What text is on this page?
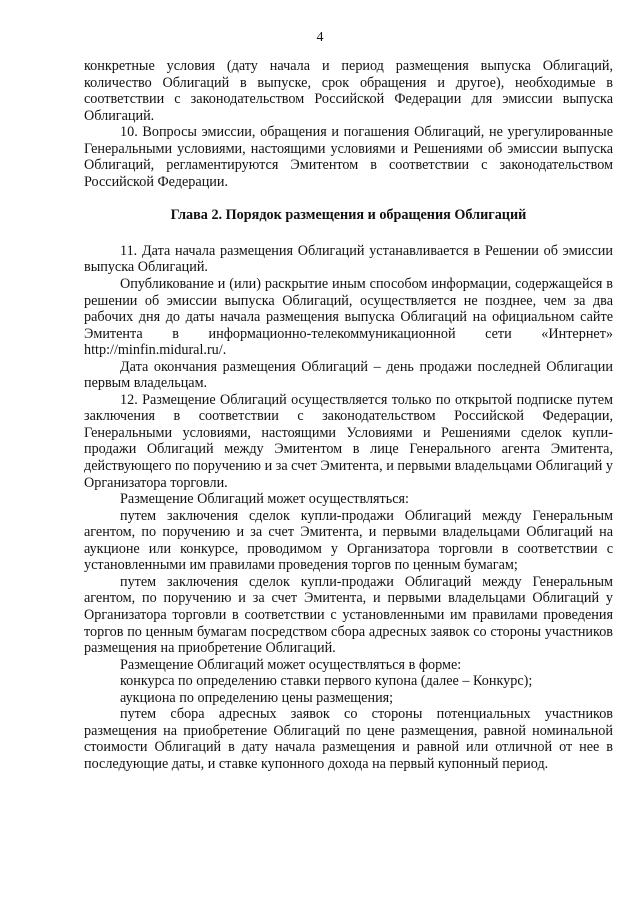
4

конкретные условия (дату начала и период размещения выпуска Облигаций, количество Облигаций в выпуске, срок обращения и другое), необходимые в соответствии с законодательством Российской Федерации для эмиссии выпуска Облигаций.

10. Вопросы эмиссии, обращения и погашения Облигаций, не урегулированные Генеральными условиями, настоящими условиями и Решениями об эмиссии выпуска Облигаций, регламентируются Эмитентом в соответствии с законодательством Российской Федерации.

Глава 2. Порядок размещения и обращения Облигаций

11. Дата начала размещения Облигаций устанавливается в Решении об эмиссии выпуска Облигаций.

Опубликование и (или) раскрытие иным способом информации, содержащейся в решении об эмиссии выпуска Облигаций, осуществляется не позднее, чем за два рабочих дня до даты начала размещения выпуска Облигаций на официальном сайте Эмитента в информационно-телекоммуникационной сети «Интернет» http://minfin.midural.ru/.

Дата окончания размещения Облигаций – день продажи последней Облигации первым владельцам.

12. Размещение Облигаций осуществляется только по открытой подписке путем заключения в соответствии с законодательством Российской Федерации, Генеральными условиями, настоящими Условиями и Решениями сделок купли-продажи Облигаций между Эмитентом в лице Генерального агента Эмитента, действующего по поручению и за счет Эмитента, и первыми владельцами Облигаций у Организатора торговли.

Размещение Облигаций может осуществляться:

путем заключения сделок купли-продажи Облигаций между Генеральным агентом, по поручению и за счет Эмитента, и первыми владельцами Облигаций на аукционе или конкурсе, проводимом у Организатора торговли в соответствии с установленными им правилами проведения торгов по ценным бумагам;

путем заключения сделок купли-продажи Облигаций между Генеральным агентом, по поручению и за счет Эмитента, и первыми владельцами Облигаций у Организатора торговли в соответствии с установленными им правилами проведения торгов по ценным бумагам посредством сбора адресных заявок со стороны участников размещения на приобретение Облигаций.

Размещение Облигаций может осуществляться в форме:

конкурса по определению ставки первого купона (далее – Конкурс);

аукциона по определению цены размещения;

путем сбора адресных заявок со стороны потенциальных участников размещения на приобретение Облигаций по цене размещения, равной номинальной стоимости Облигаций в дату начала размещения и равной или отличной от нее в последующие даты, и ставке купонного дохода на первый купонный период.
